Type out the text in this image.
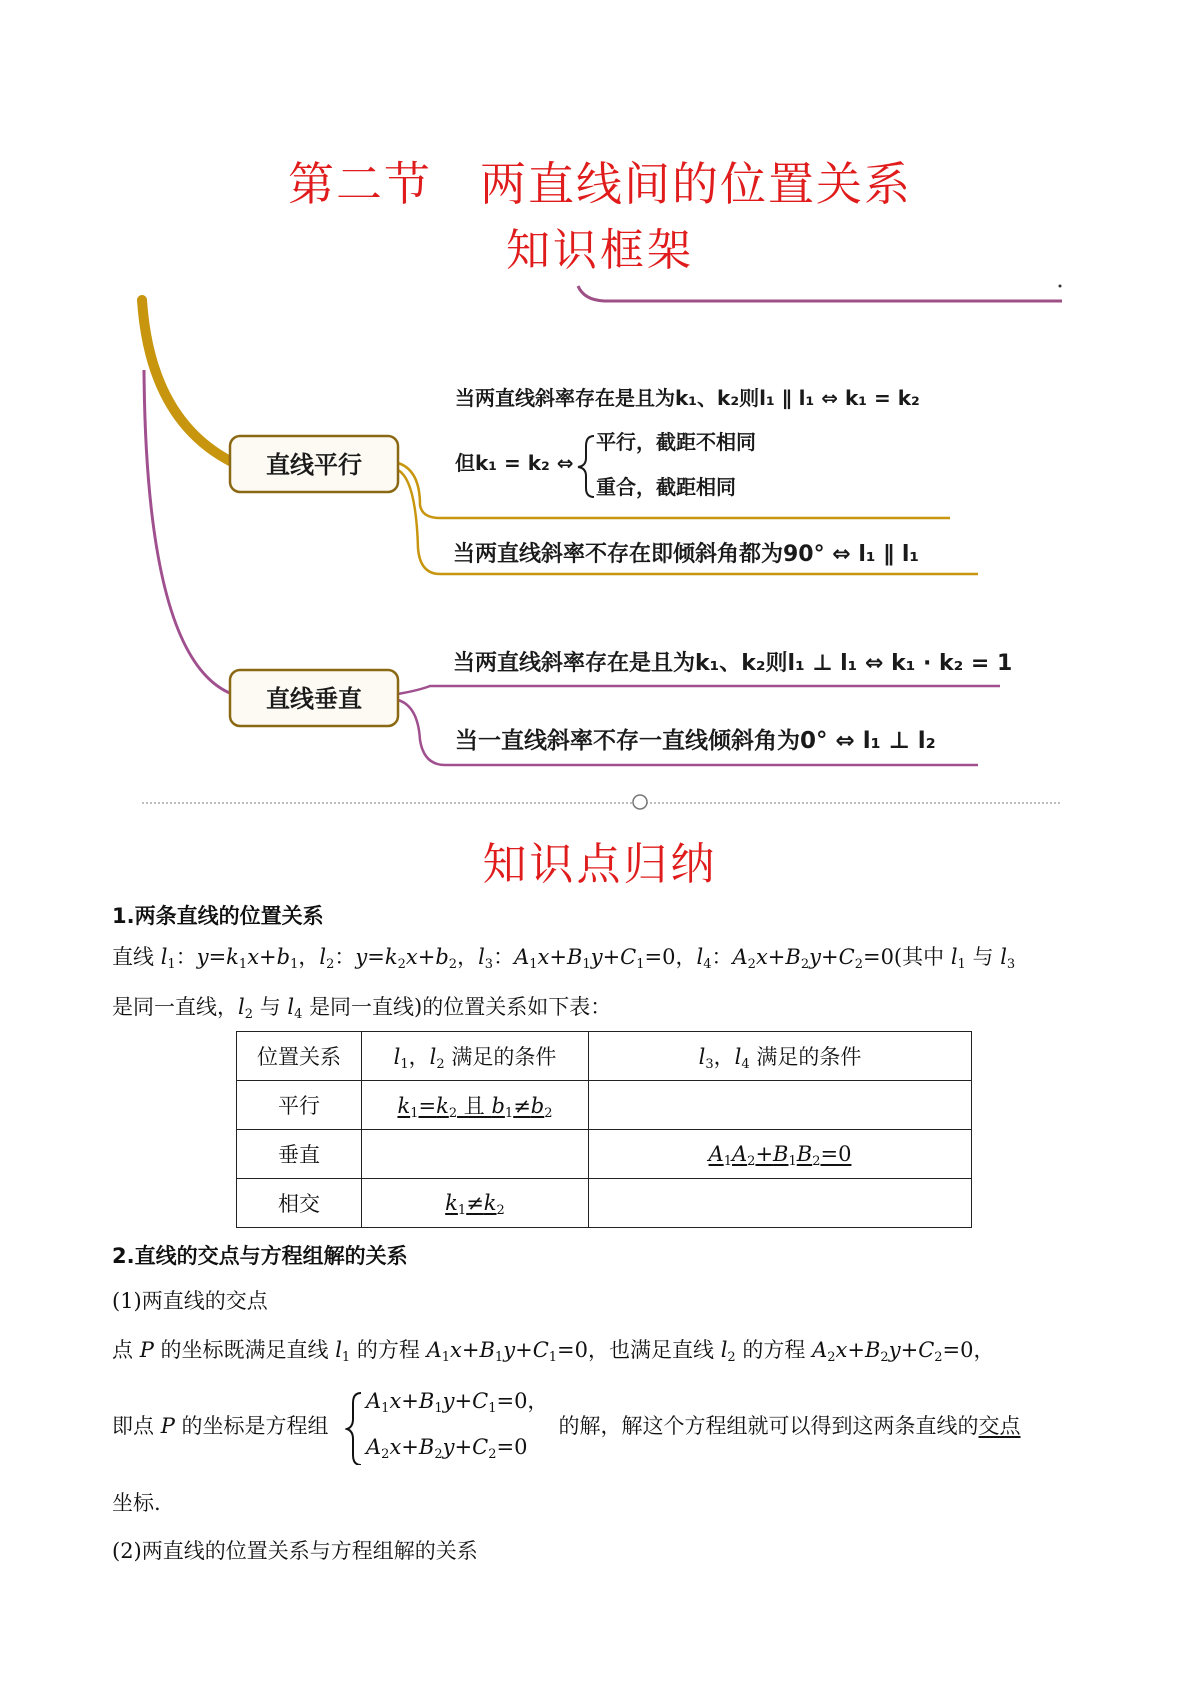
第二节　两直线间的位置关系
知识框架
直线平行
直线垂直
当两直线斜率存在是且为k₁、k₂则l₁ ∥ l₁ ⇔ k₁ = k₂
但k₁ = k₂ ⇔
平行，截距不相同
重合，截距相同
当两直线斜率不存在即倾斜角都为90° ⇔ l₁ ∥ l₁
当两直线斜率存在是且为k₁、k₂则l₁ ⊥ l₁ ⇔ k₁ · k₂ = 1
当一直线斜率不存一直线倾斜角为0° ⇔ l₁ ⊥ l₂
知识点归纳
1.两条直线的位置关系
直线 $l_1$：$y=k_1x+b_1$，$l_2$：$y=k_2x+b_2$，$l_3$：$A_1x+B_1y+C_1=0$，$l_4$：$A_2x+B_2y+C_2=0$(其中 $l_1$ 与 $l_3$
是同一直线，$l_2$ 与 $l_4$ 是同一直线)的位置关系如下表：
位置关系	$l_1$，$l_2$ 满足的条件	$l_3$，$l_4$ 满足的条件
平行	$k_1=k_2$ 且 $b_1\ne b_2$	
垂直		$A_1A_2+B_1B_2=0$
相交	$k_1\ne k_2$	
2.直线的交点与方程组解的关系
(1)两直线的交点
点 P 的坐标既满足直线 $l_1$ 的方程 $A_1x+B_1y+C_1=0$，也满足直线 $l_2$ 的方程 $A_2x+B_2y+C_2=0$，
即点 P 的坐标是方程组	的解，解这个方程组就可以得到这两条直线的交点
$A_1x+B_1y+C_1=0$，
$A_2x+B_2y+C_2=0$
坐标.
(2)两直线的位置关系与方程组解的关系
